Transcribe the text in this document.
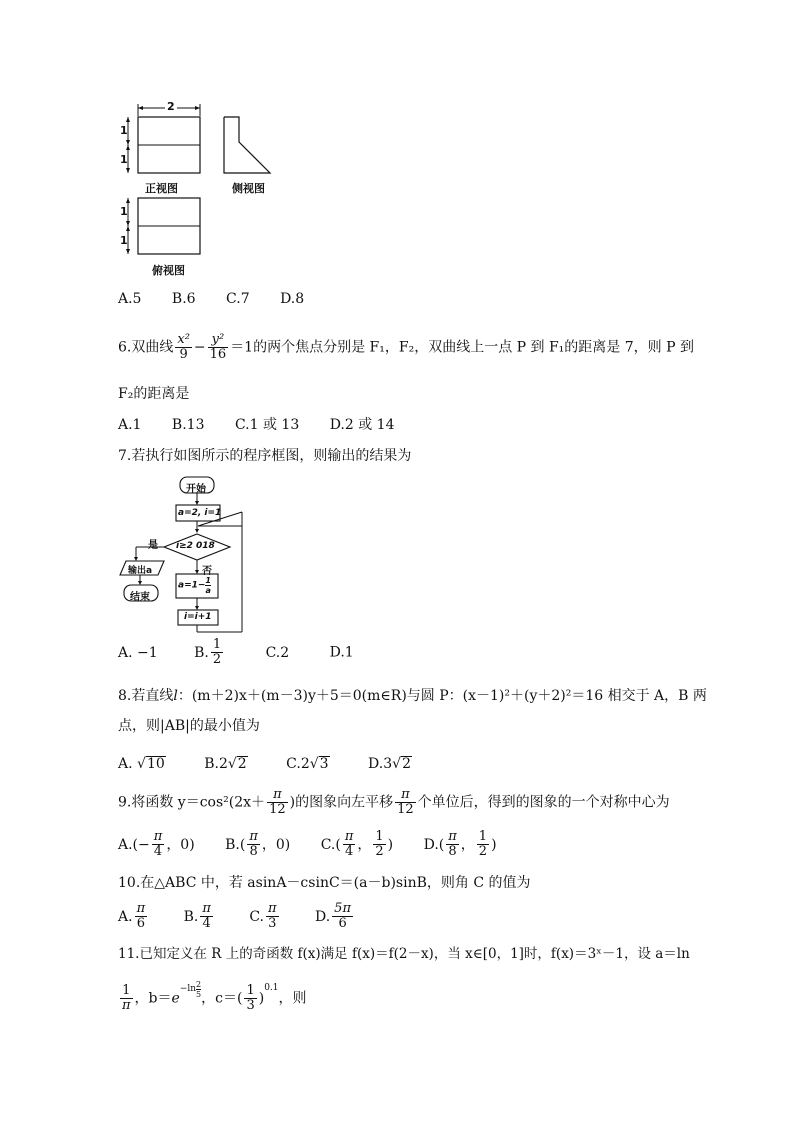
2
1
1
1
1
正视图	侧视图
俯视图
A.5 B.6 C.7 D.8
6.双曲线 $\frac{\text{x²}}{9} - \frac{\text{y²}}{16} =1$的两个焦点分别是 F₁，F₂，双曲线上一点 P 到 F₁的距离是 7，则 P 到
F₂的距离是
A.1 B.13 C.1 或 13 D.2 或 14
7.若执行如图所示的程序框图，则输出的结果为
开始
a=2, i=1
i≥2 018
是
否
输出a
结束
$a=1- \frac{1}{a}$
i=i+1
A. −1	B. $\frac{1}{2}$	C.2	D.1
8.若直线l：(m＋2)x＋(m－3)y＋5＝0(m∈R)与圆 P：(x－1)²＋(y＋2)²＝16 相交于 A，B 两
点，则|AB|的最小值为
A. √10	B.2√2	C.2√3	D.3√2
9.将函数 $y=\cos^2(2x+ \frac{\pi}{12}$ )的图象向左平移 $\frac{\pi}{12}$ 个单位后，得到的图象的一个对称中心为
$A.(- \frac{\pi}{4}$ ，0) $B.( \frac{\pi}{8}$ ，0) $C.( \frac{\pi}{4}$ ， $\frac{1}{2}$ ) $D.( \frac{\pi}{8}$ ， $\frac{1}{2}$ )
10.在△ABC 中，若 asinA－csinC＝(a－b)sinB，则角 C 的值为
A. $\frac{\pi}{6}$	B. $\frac{\pi}{4}$	C. $\frac{\pi}{3}$	D. $\frac{5\pi}{6}$
11.已知定义在 R 上的奇函数 f(x)满足 f(x)＝f(2－x)，当 x∈[0，1]时，f(x)＝3ˣ－1，设 a＝ln
$\frac{1}{\pi}$ ，$b=e-\ln \frac{2}{5}$ ，$c=( \frac{1}{3} )^{0.1}$，则
